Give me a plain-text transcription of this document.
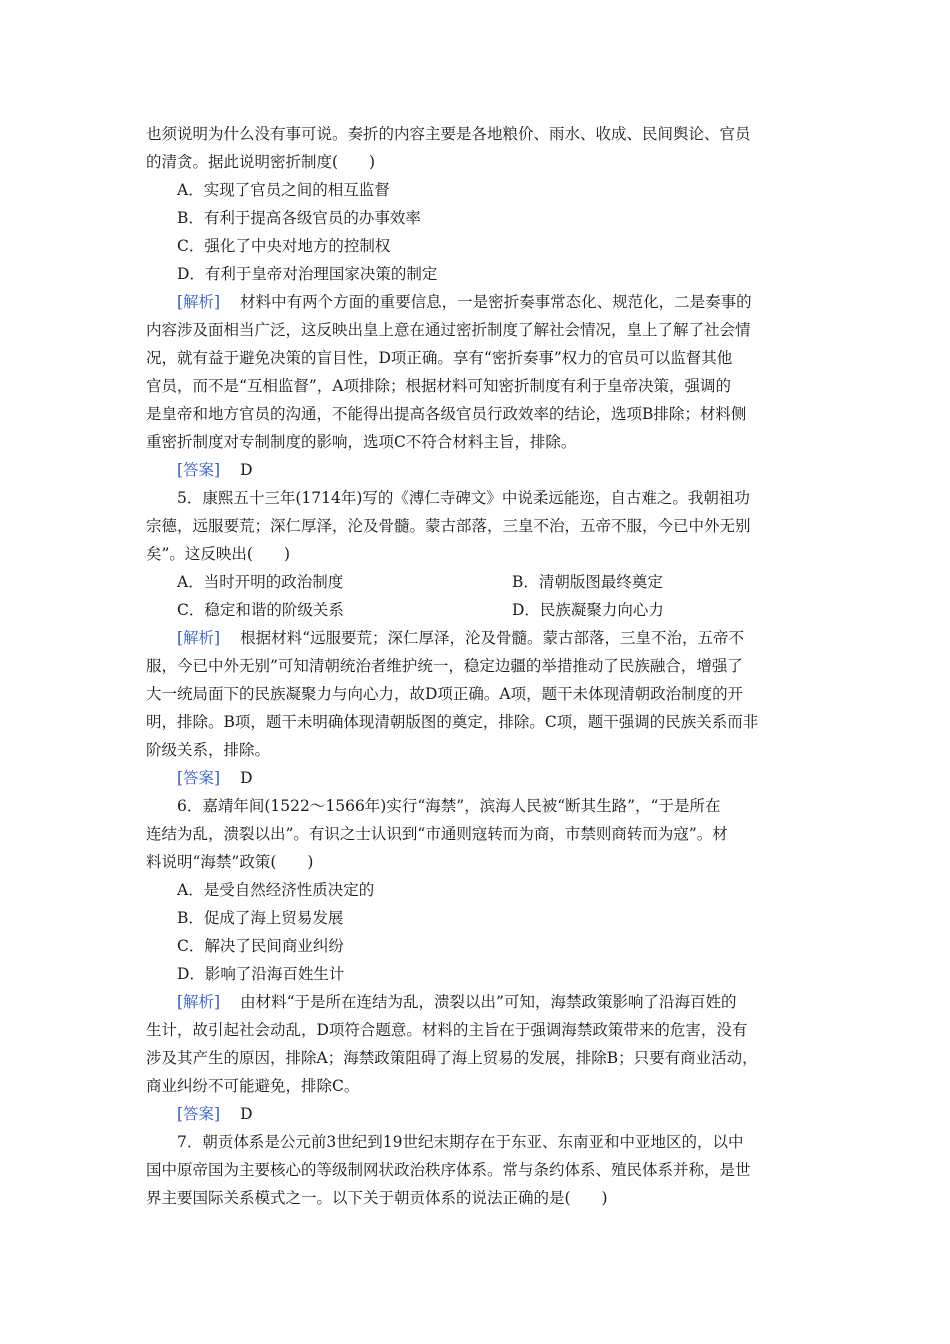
也须说明为什么没有事可说。奏折的内容主要是各地粮价、雨水、收成、民间舆论、官员
的清贪。据此说明密折制度(　　)
A．实现了官员之间的相互监督
B．有利于提高各级官员的办事效率
C．强化了中央对地方的控制权
D．有利于皇帝对治理国家决策的制定
[解析] 材料中有两个方面的重要信息，一是密折奏事常态化、规范化，二是奏事的
内容涉及面相当广泛，这反映出皇上意在通过密折制度了解社会情况，皇上了解了社会情
况，就有益于避免决策的盲目性，D项正确。享有“密折奏事”权力的官员可以监督其他
官员，而不是“互相监督”，A项排除；根据材料可知密折制度有利于皇帝决策，强调的
是皇帝和地方官员的沟通，不能得出提高各级官员行政效率的结论，选项B排除；材料侧
重密折制度对专制制度的影响，选项C不符合材料主旨，排除。
[答案] D
5．康熙五十三年(1714年)写的《溥仁寺碑文》中说柔远能迩，自古难之。我朝祖功
宗德，远服要荒；深仁厚泽，沦及骨髓。蒙古部落，三皇不治，五帝不服，今已中外无别
矣”。这反映出(　　)
A．当时开明的政治制度	B．清朝版图最终奠定
C．稳定和谐的阶级关系	D．民族凝聚力向心力
[解析] 根据材料“远服要荒；深仁厚泽，沦及骨髓。蒙古部落，三皇不治，五帝不
服，今已中外无别”可知清朝统治者维护统一，稳定边疆的举措推动了民族融合，增强了
大一统局面下的民族凝聚力与向心力，故D项正确。A项，题干未体现清朝政治制度的开
明，排除。B项，题干未明确体现清朝版图的奠定，排除。C项，题干强调的民族关系而非
阶级关系，排除。
[答案] D
6．嘉靖年间(1522～1566年)实行“海禁”，滨海人民被“断其生路”，“于是所在
连结为乱，溃裂以出”。有识之士认识到“市通则寇转而为商，市禁则商转而为寇”。材
料说明“海禁”政策(　　)
A．是受自然经济性质决定的
B．促成了海上贸易发展
C．解决了民间商业纠纷
D．影响了沿海百姓生计
[解析] 由材料“于是所在连结为乱，溃裂以出”可知，海禁政策影响了沿海百姓的
生计，故引起社会动乱，D项符合题意。材料的主旨在于强调海禁政策带来的危害，没有
涉及其产生的原因，排除A；海禁政策阻碍了海上贸易的发展，排除B；只要有商业活动，
商业纠纷不可能避免，排除C。
[答案] D
7．朝贡体系是公元前3世纪到19世纪末期存在于东亚、东南亚和中亚地区的，以中
国中原帝国为主要核心的等级制网状政治秩序体系。常与条约体系、殖民体系并称，是世
界主要国际关系模式之一。以下关于朝贡体系的说法正确的是(　　)
